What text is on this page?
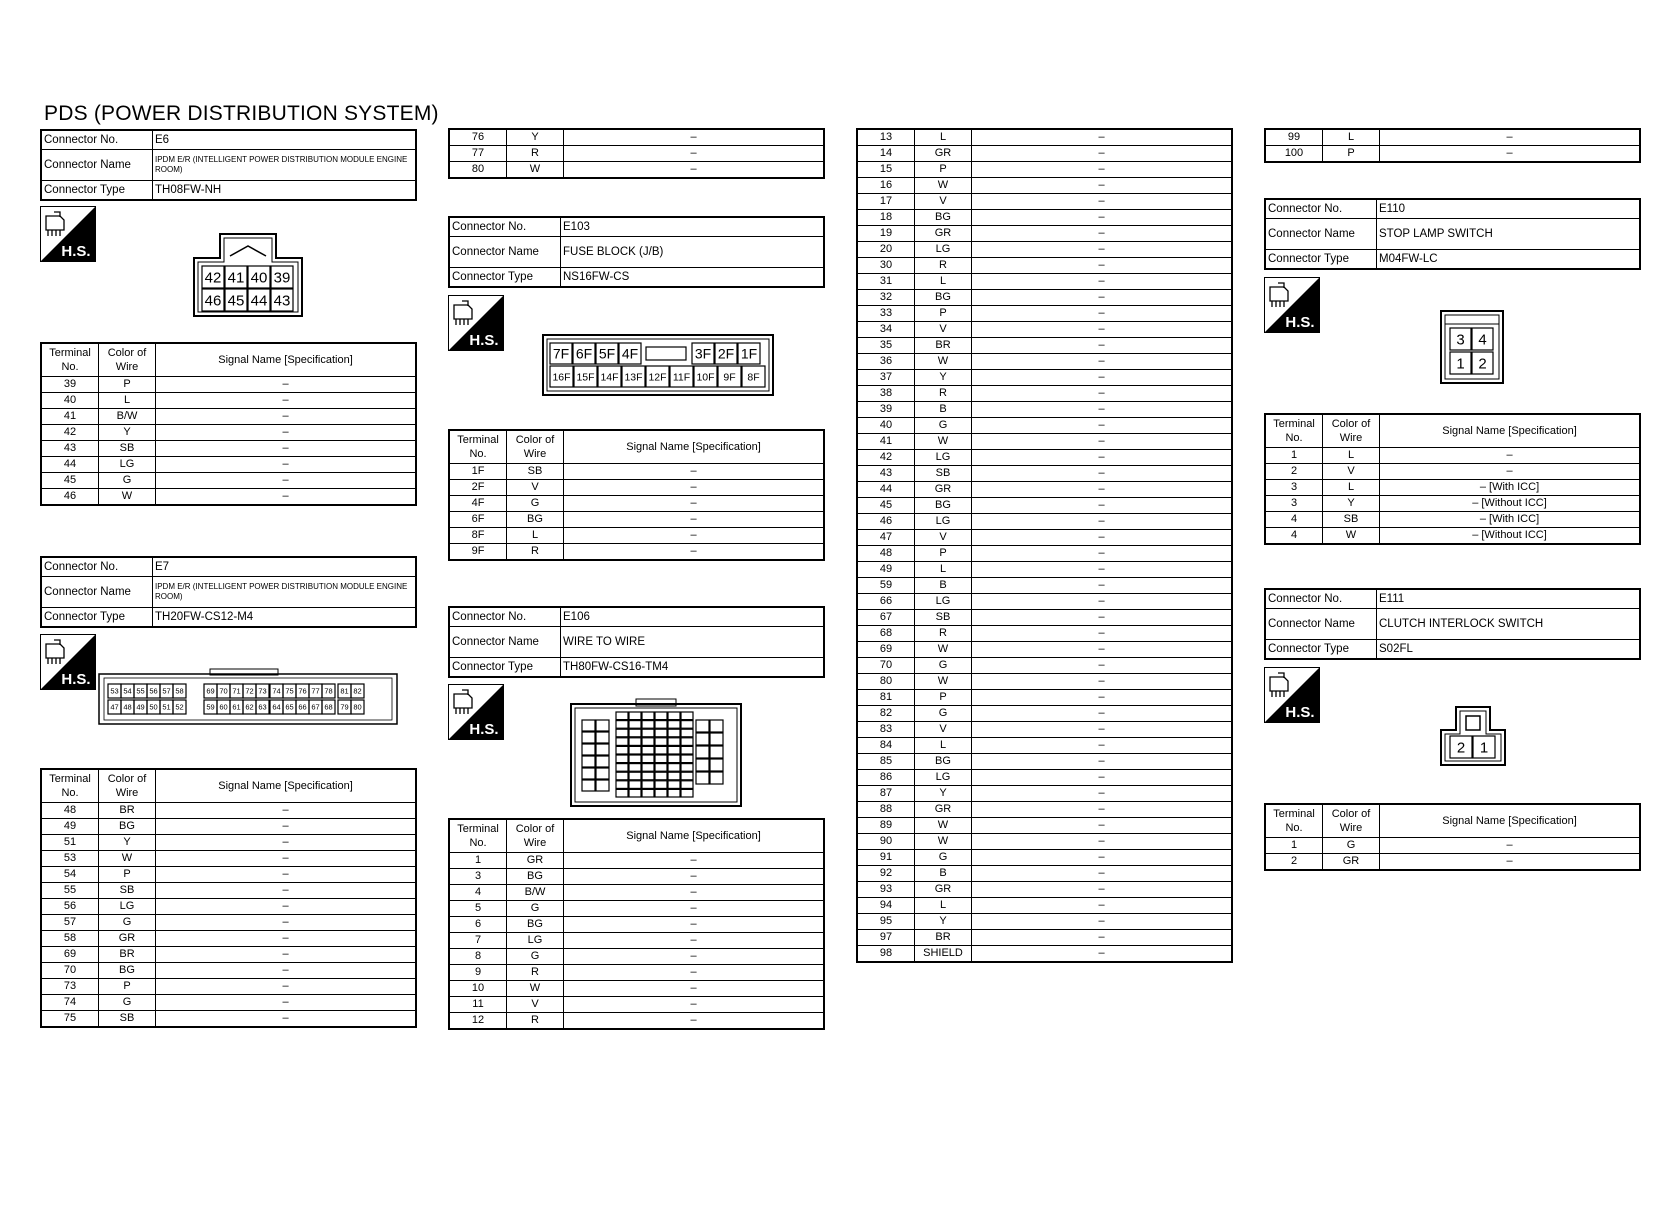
PDS (POWER DISTRIBUTION SYSTEM)
Connector No.	E6
Connector Name	IPDM E/R (INTELLIGENT POWER DISTRIBUTION MODULE ENGINE ROOM)
Connector Type	TH08FW-NH
H.S.
42 41 40 39
46 45 44 43
Terminal No.	Color of Wire	Signal Name [Specification]
39	P	–
40	L	–
41	B/W	–
42	Y	–
43	SB	–
44	LG	–
45	G	–
46	W	–
Connector No.	E7
Connector Name	IPDM E/R (INTELLIGENT POWER DISTRIBUTION MODULE ENGINE ROOM)
Connector Type	TH20FW-CS12-M4
H.S.
53 54 55 56 57 58
47 48 49 50 51 52
69 70 71 72 73
59 60 61 62 63
74 75 76 77 78
64 65 66 67 68
81 82
79 80
Terminal No.	Color of Wire	Signal Name [Specification]
48	BR	–
49	BG	–
51	Y	–
53	W	–
54	P	–
55	SB	–
56	LG	–
57	G	–
58	GR	–
69	BR	–
70	BG	–
73	P	–
74	G	–
75	SB	–
76	Y	–
77	R	–
80	W	–
Connector No.	E103
Connector Name	FUSE BLOCK (J/B)
Connector Type	NS16FW-CS
H.S.
7F 6F 5F 4F	3F 2F 1F
16F 15F 14F 13F 12F 11F 10F 9F 8F
Terminal No.	Color of Wire	Signal Name [Specification]
1F	SB	–
2F	V	–
4F	G	–
6F	BG	–
8F	L	–
9F	R	–
Connector No.	E106
Connector Name	WIRE TO WIRE
Connector Type	TH80FW-CS16-TM4
H.S.
Terminal No.	Color of Wire	Signal Name [Specification]
1	GR	–
3	BG	–
4	B/W	–
5	G	–
6	BG	–
7	LG	–
8	G	–
9	R	–
10	W	–
11	V	–
12	R	–
13	L	–
14	GR	–
15	P	–
16	W	–
17	V	–
18	BG	–
19	GR	–
20	LG	–
30	R	–
31	L	–
32	BG	–
33	P	–
34	V	–
35	BR	–
36	W	–
37	Y	–
38	R	–
39	B	–
40	G	–
41	W	–
42	LG	–
43	SB	–
44	GR	–
45	BG	–
46	LG	–
47	V	–
48	P	–
49	L	–
59	B	–
66	LG	–
67	SB	–
68	R	–
69	W	–
70	G	–
80	W	–
81	P	–
82	G	–
83	V	–
84	L	–
85	BG	–
86	LG	–
87	Y	–
88	GR	–
89	W	–
90	W	–
91	G	–
92	B	–
93	GR	–
94	L	–
95	Y	–
97	BR	–
98	SHIELD	–
99	L	–
100	P	–
Connector No.	E110
Connector Name	STOP LAMP SWITCH
Connector Type	M04FW-LC
H.S.
3 4
1 2
Terminal No.	Color of Wire	Signal Name [Specification]
1	L	–
2	V	–
3	L	– [With ICC]
3	Y	– [Without ICC]
4	SB	– [With ICC]
4	W	– [Without ICC]
Connector No.	E111
Connector Name	CLUTCH INTERLOCK SWITCH
Connector Type	S02FL
H.S.
2 1
Terminal No.	Color of Wire	Signal Name [Specification]
1	G	–
2	GR	–
